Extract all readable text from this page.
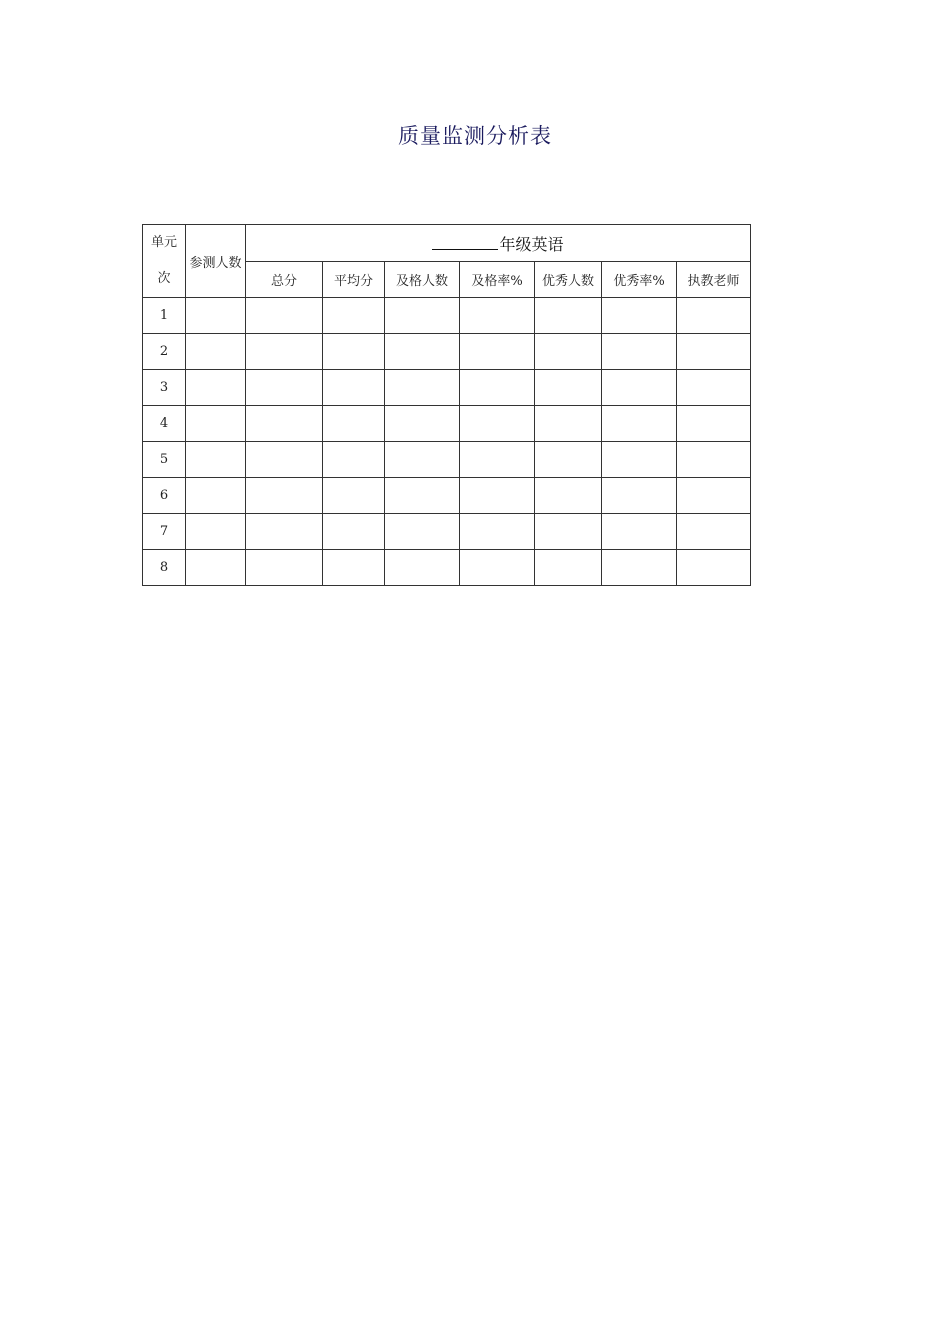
质量监测分析表
单元
次	参测人数	年级英语						
		总分	平均分	及格人数	及格率%	优秀人数	优秀率%	执教老师
1								
2								
3								
4								
5								
6								
7								
8								
